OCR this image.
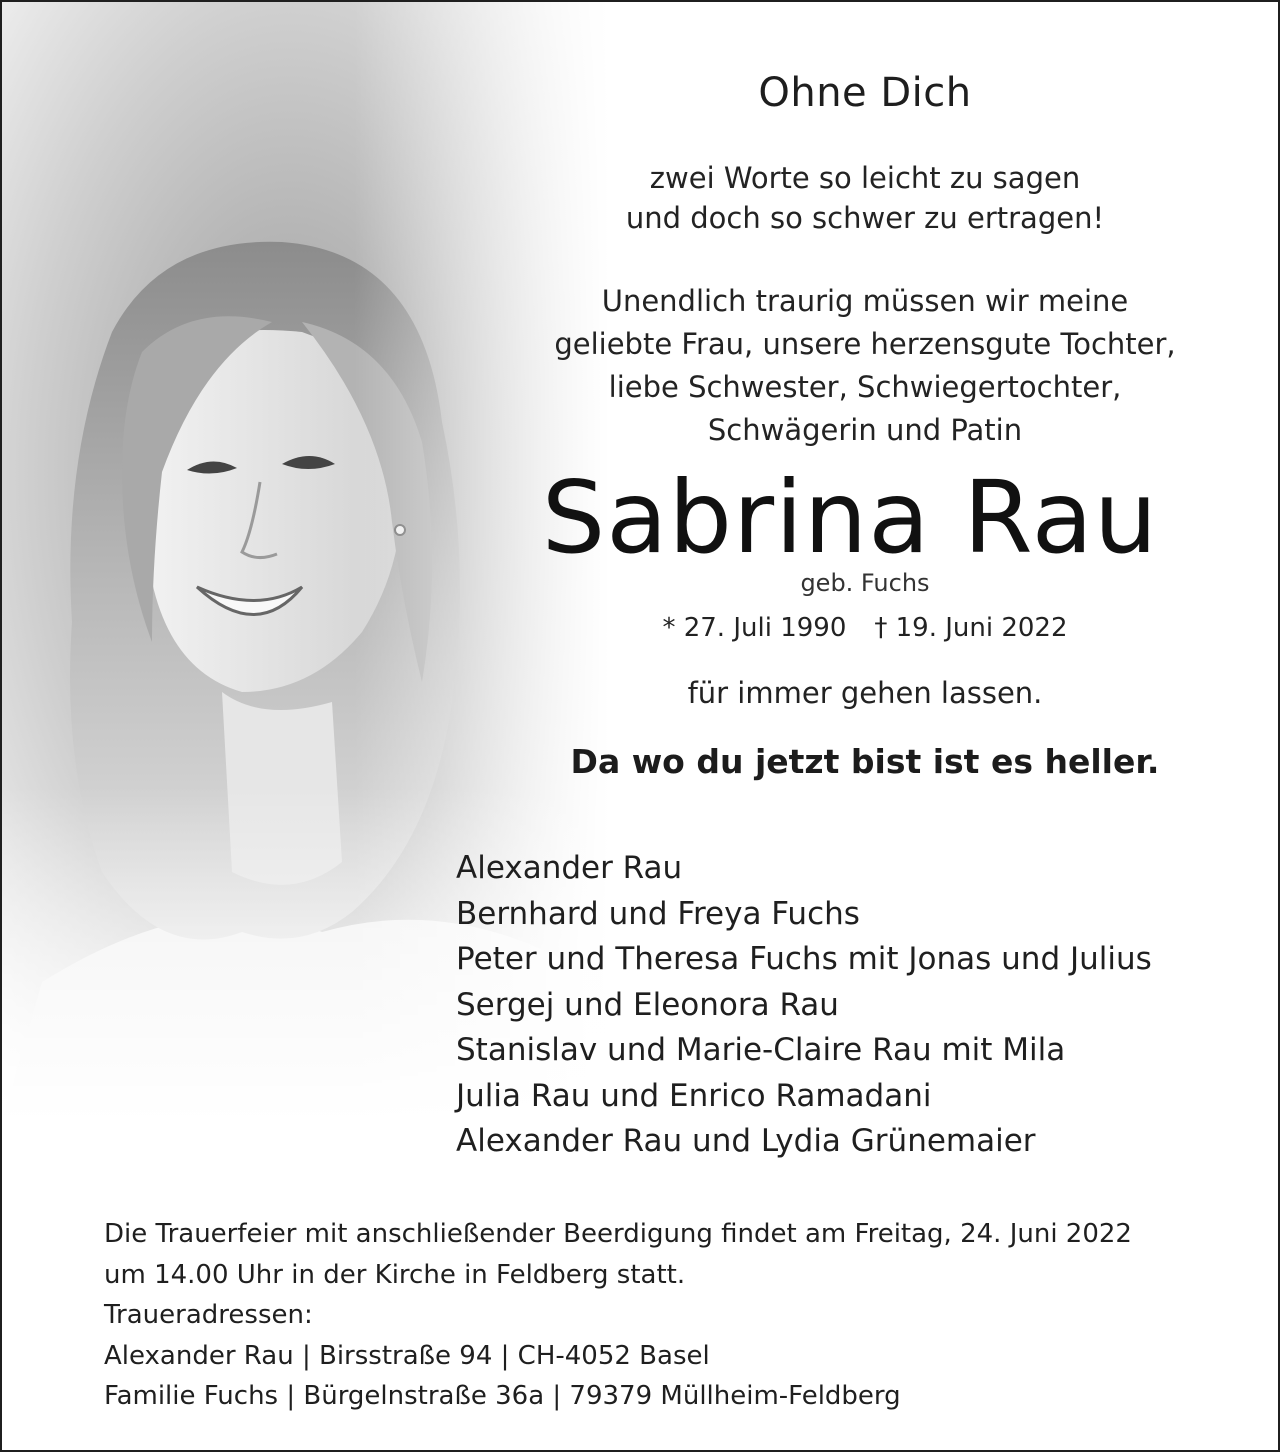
Ohne Dich
zwei Worte so leicht zu sagen
und doch so schwer zu ertragen!
Unendlich traurig müssen wir meine
geliebte Frau, unsere herzensgute Tochter,
liebe Schwester, Schwiegertochter,
Schwägerin und Patin
Sabrina Rau
geb. Fuchs
* 27. Juli 1990 † 19. Juni 2022
für immer gehen lassen.
Da wo du jetzt bist ist es heller.
Alexander Rau
Bernhard und Freya Fuchs
Peter und Theresa Fuchs mit Jonas und Julius
Sergej und Eleonora Rau
Stanislav und Marie-Claire Rau mit Mila
Julia Rau und Enrico Ramadani
Alexander Rau und Lydia Grünemaier
Die Trauerfeier mit anschließender Beerdigung findet am Freitag, 24. Juni 2022
um 14.00 Uhr in der Kirche in Feldberg statt.
Traueradressen:
Alexander Rau | Birsstraße 94 | CH-4052 Basel
Familie Fuchs | Bürgelnstraße 36a | 79379 Müllheim-Feldberg
